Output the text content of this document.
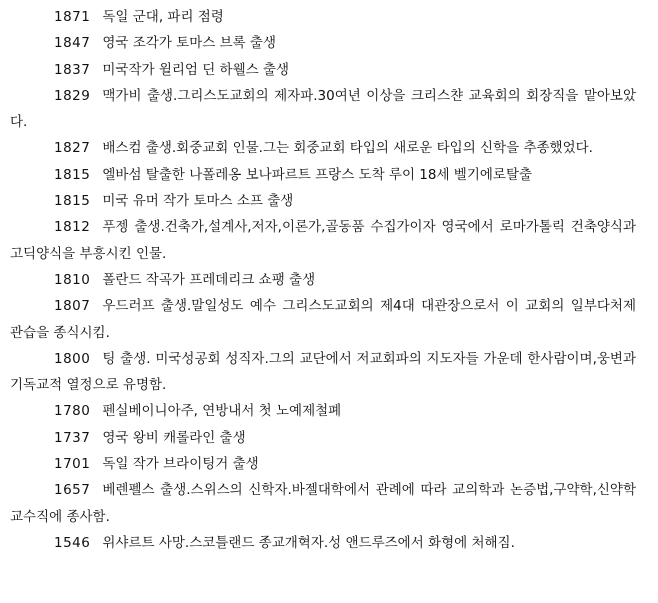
1871 독일 군대, 파리 점령

1847 영국 조각가 토마스 브록 출생

1837 미국작가 윌리엄 딘 하웰스 출생

1829 맥가비 출생.그리스도교회의 제자파.30여년 이상을 크리스챤 교육회의 회장직을 맡아보았다.

1827 배스컴 출생.회중교회 인물.그는 회중교회 타입의 새로운 타입의 신학을 추종했었다.

1815 엘바섬 탈출한 나폴레옹 보나파르트 프랑스 도착 루이 18세 벨기에로탈출

1815 미국 유머 작가 토마스 소프 출생

1812 푸젱 출생.건축가,설계사,저자,이론가,골동품 수집가이자 영국에서 로마가톨릭 건축양식과 고딕양식을 부흥시킨 인물.

1810 폴란드 작곡가 프레데리크 쇼팽 출생

1807 우드러프 출생.말일성도 예수 그리스도교회의 제4대 대관장으로서 이 교회의 일부다처제 관습을 종식시킴.

1800 팅 출생. 미국성공회 성직자.그의 교단에서 저교회파의 지도자들 가운데 한사람이며,웅변과 기독교적 열정으로 유명함.

1780 펜실베이니아주, 연방내서 첫 노예제철폐

1737 영국 왕비 캐롤라인 출생

1701 독일 작가 브라이팅거 출생

1657 베렌펠스 출생.스위스의 신학자.바젤대학에서 관례에 따라 교의학과 논증법,구약학,신약학 교수직에 종사함.

1546 위샤르트 사망.스코틀랜드 종교개혁자.성 앤드루즈에서 화형에 처해짐.
